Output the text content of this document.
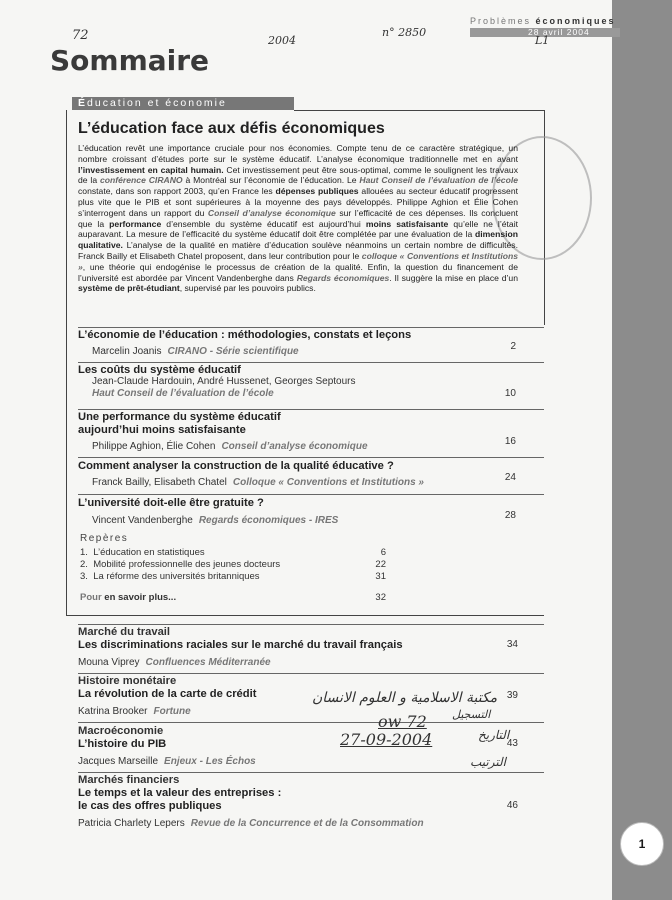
Problèmes économiques
28 avril 2004
72	2004
n° 2850
L1
Sommaire
Éducation et économie
L’éducation face aux défis économiques
L’éducation revêt une importance cruciale pour nos économies. Compte tenu de ce caractère stratégique, un nombre croissant d’études porte sur le système éducatif. L’analyse économique traditionnelle met en avant l’investissement en capital humain. Cet investissement peut être sous-optimal, comme le soulignent les travaux de la conférence CIRANO à Montréal sur l’économie de l’éducation. Le Haut Conseil de l’évaluation de l’école constate, dans son rapport 2003, qu’en France les dépenses publiques allouées au secteur éducatif progressent plus vite que le PIB et sont supérieures à la moyenne des pays développés. Philippe Aghion et Élie Cohen s’interrogent dans un rapport du Conseil d’analyse économique sur l’efficacité de ces dépenses. Ils concluent que la performance d’ensemble du système éducatif est aujourd’hui moins satisfaisante qu’elle ne l’était auparavant. La mesure de l’efficacité du système éducatif doit être complétée par une évaluation de la dimension qualitative. L’analyse de la qualité en matière d’éducation soulève néanmoins un certain nombre de difficultés. Franck Bailly et Elisabeth Chatel proposent, dans leur contribution pour le colloque « Conventions et Institutions », une théorie qui endogénise le processus de création de la qualité. Enfin, la question du financement de l’université est abordée par Vincent Vandenberghe dans Regards économiques. Il suggère la mise en place d’un système de prêt-étudiant, supervisé par les pouvoirs publics.
L’économie de l’éducation : méthodologies, constats et leçons
Marcelin Joanis CIRANO - Série scientifique	2
Les coûts du système éducatif
Jean-Claude Hardouin, André Hussenet, Georges Septours
Haut Conseil de l’évaluation de l’école	10
Une performance du système éducatif
aujourd’hui moins satisfaisante
Philippe Aghion, Élie Cohen Conseil d’analyse économique	16
Comment analyser la construction de la qualité éducative ?
Franck Bailly, Elisabeth Chatel Colloque « Conventions et Institutions »	24
L’université doit-elle être gratuite ?
Vincent Vandenberghe Regards économiques - IRES	28
Repères
1. L’éducation en statistiques	6
2. Mobilité professionnelle des jeunes docteurs	22
3. La réforme des universités britanniques	31
Pour en savoir plus...	32
Marché du travail
Les discriminations raciales sur le marché du travail français
Mouna Viprey Confluences Méditerranée
34
Histoire monétaire
La révolution de la carte de crédit
Katrina Brooker Fortune
39
Macroéconomie
L’histoire du PIB
Jacques Marseille Enjeux - Les Échos
43
Marchés financiers
Le temps et la valeur des entreprises :
le cas des offres publiques
Patricia Charlety Lepers Revue de la Concurrence et de la Consommation
46
مكتبة الاسلامية و العلوم الانسان
التسجيل
ow 72
27-09-2004	التاريخ
الترتيب
1
